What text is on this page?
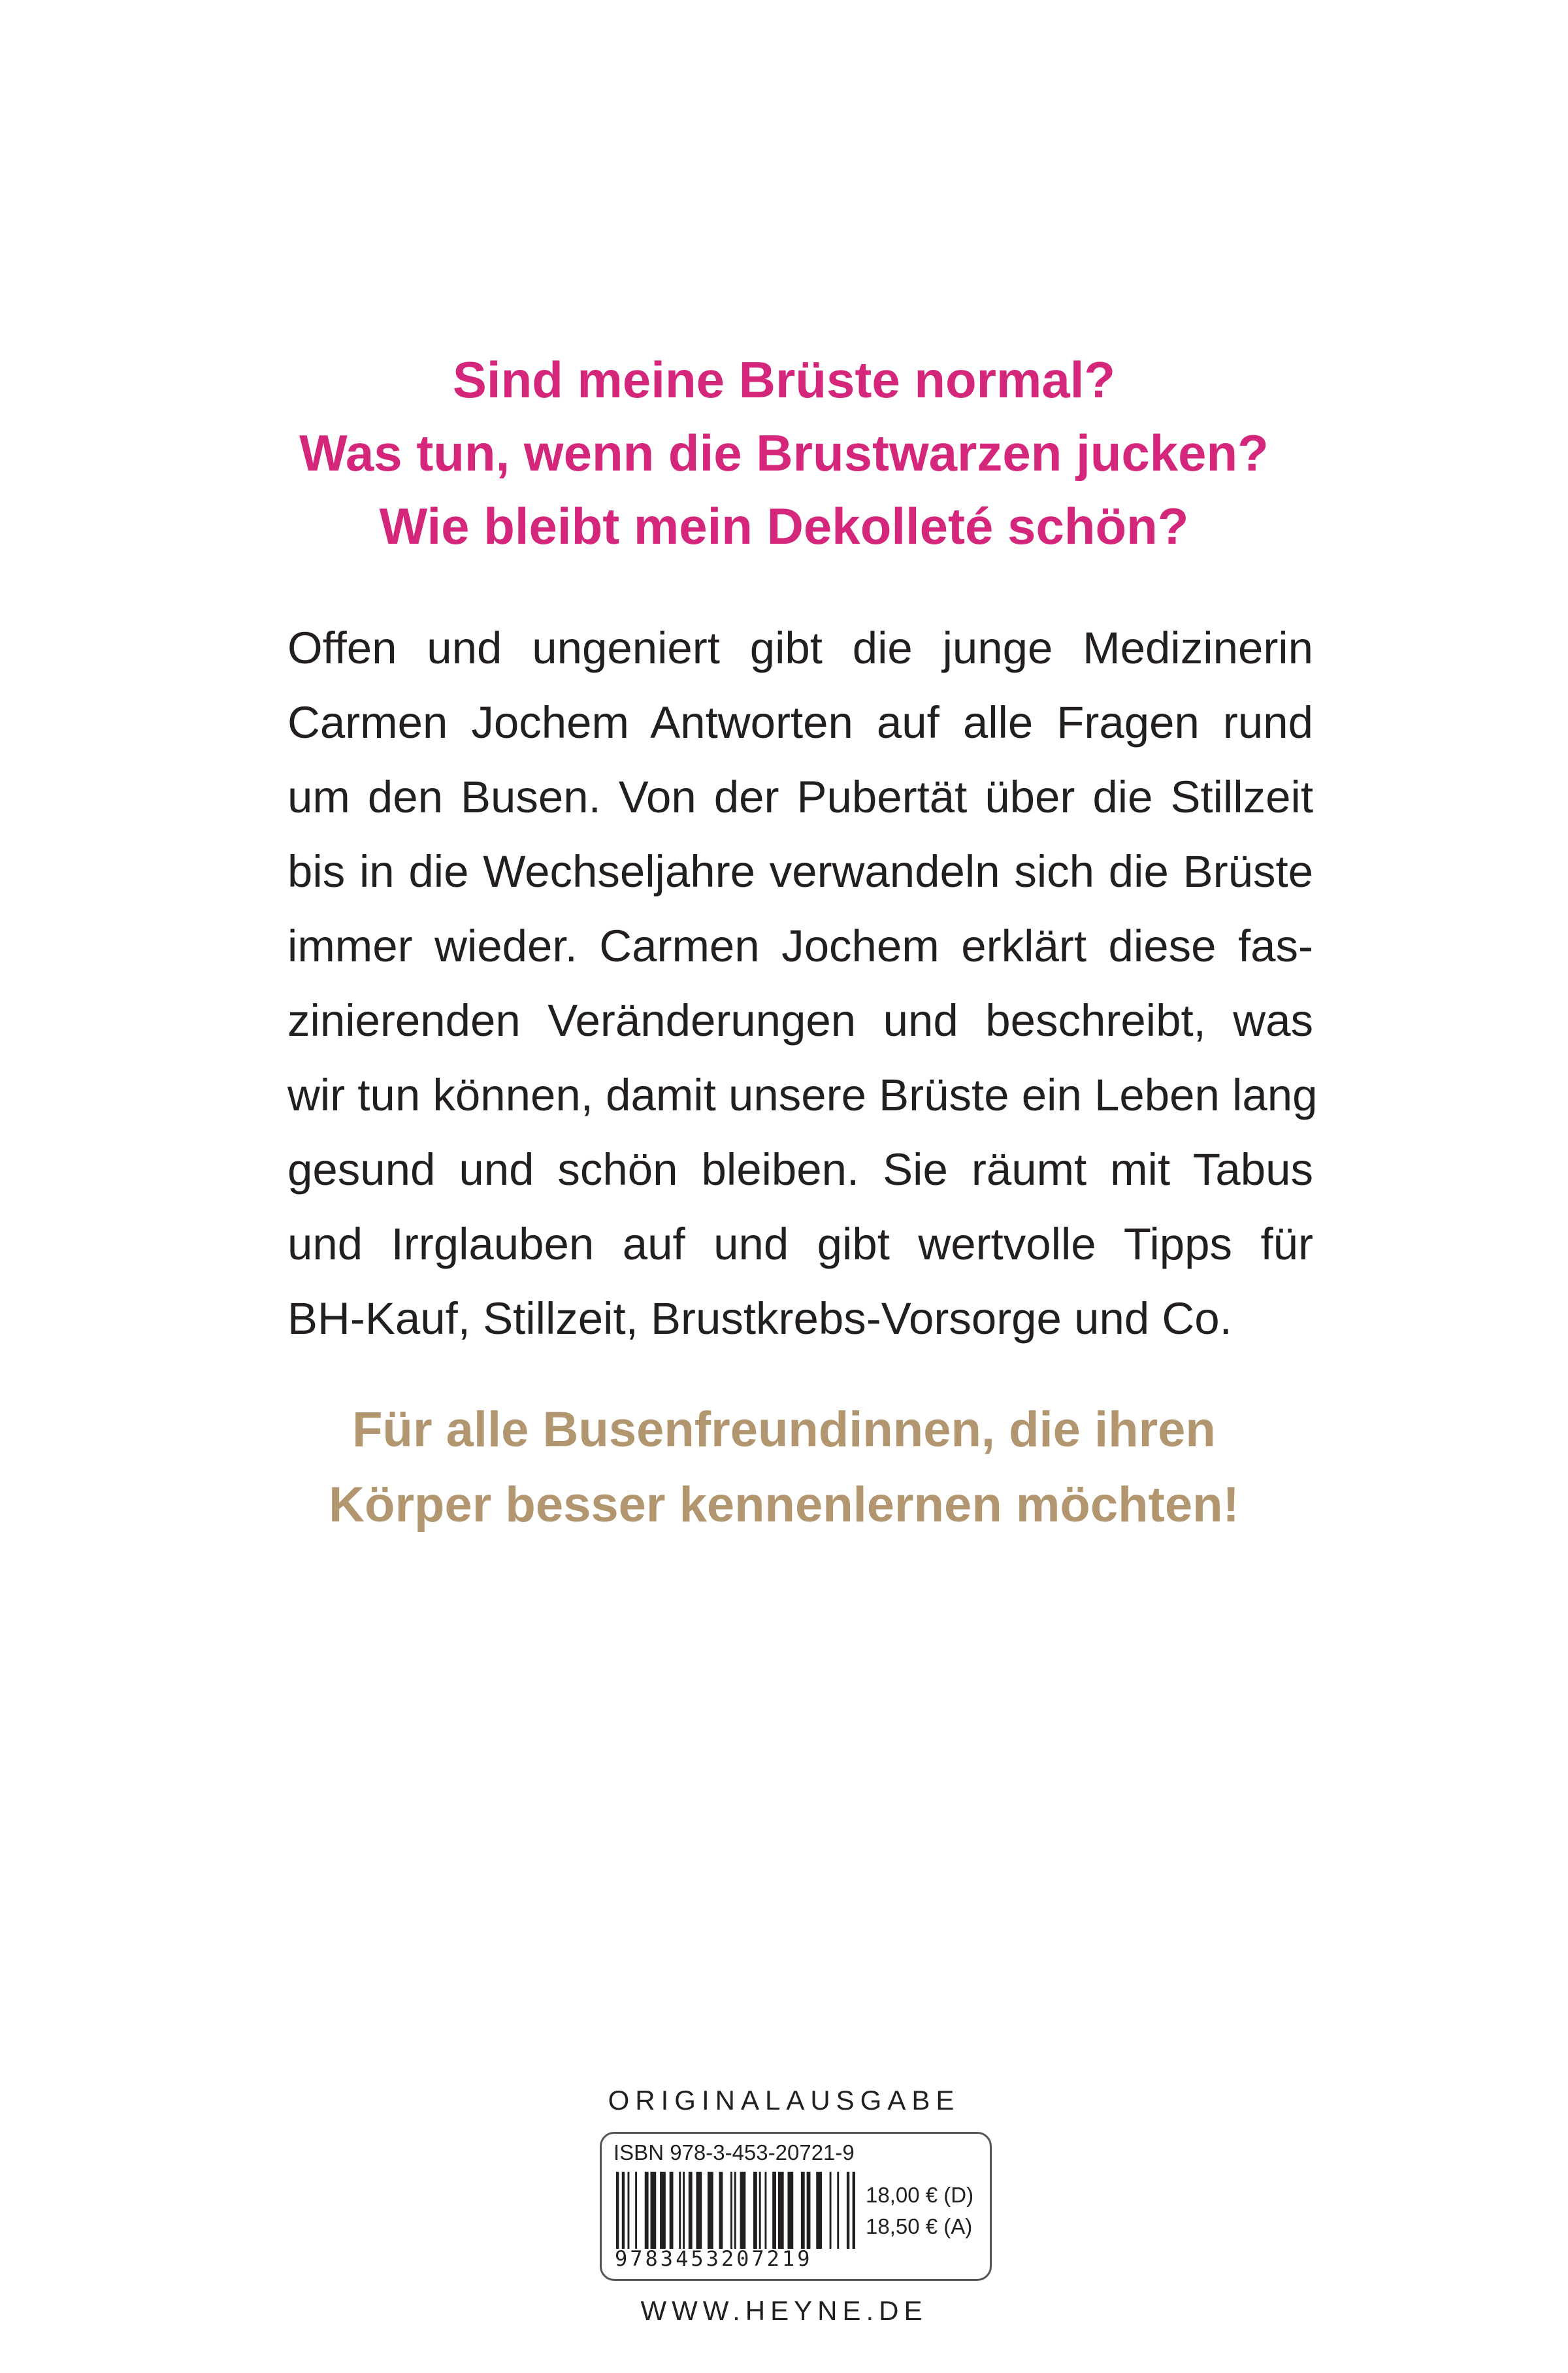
Sind meine Brüste normal?
Was tun, wenn die Brustwarzen jucken?
Wie bleibt mein Dekolleté schön?
Offen und ungeniert gibt die junge Medizinerin
Carmen Jochem Antworten auf alle Fragen rund
um den Busen. Von der Pubertät über die Stillzeit
bis in die Wechseljahre verwandeln sich die Brüste
immer wieder. Carmen Jochem erklärt diese fas-
zinierenden Veränderungen und beschreibt, was
wir tun können, damit unsere Brüste ein Leben lang
gesund und schön bleiben. Sie räumt mit Tabus
und Irrglauben auf und gibt wertvolle Tipps für
BH-Kauf, Stillzeit, Brustkrebs-Vorsorge und Co.
Für alle Busenfreundinnen, die ihren
Körper besser kennenlernen möchten!
ORIGINALAUSGABE
ISBN 978-3-453-20721-9
9783453207219
18,00 € (D)
18,50 € (A)
WWW.HEYNE.DE
